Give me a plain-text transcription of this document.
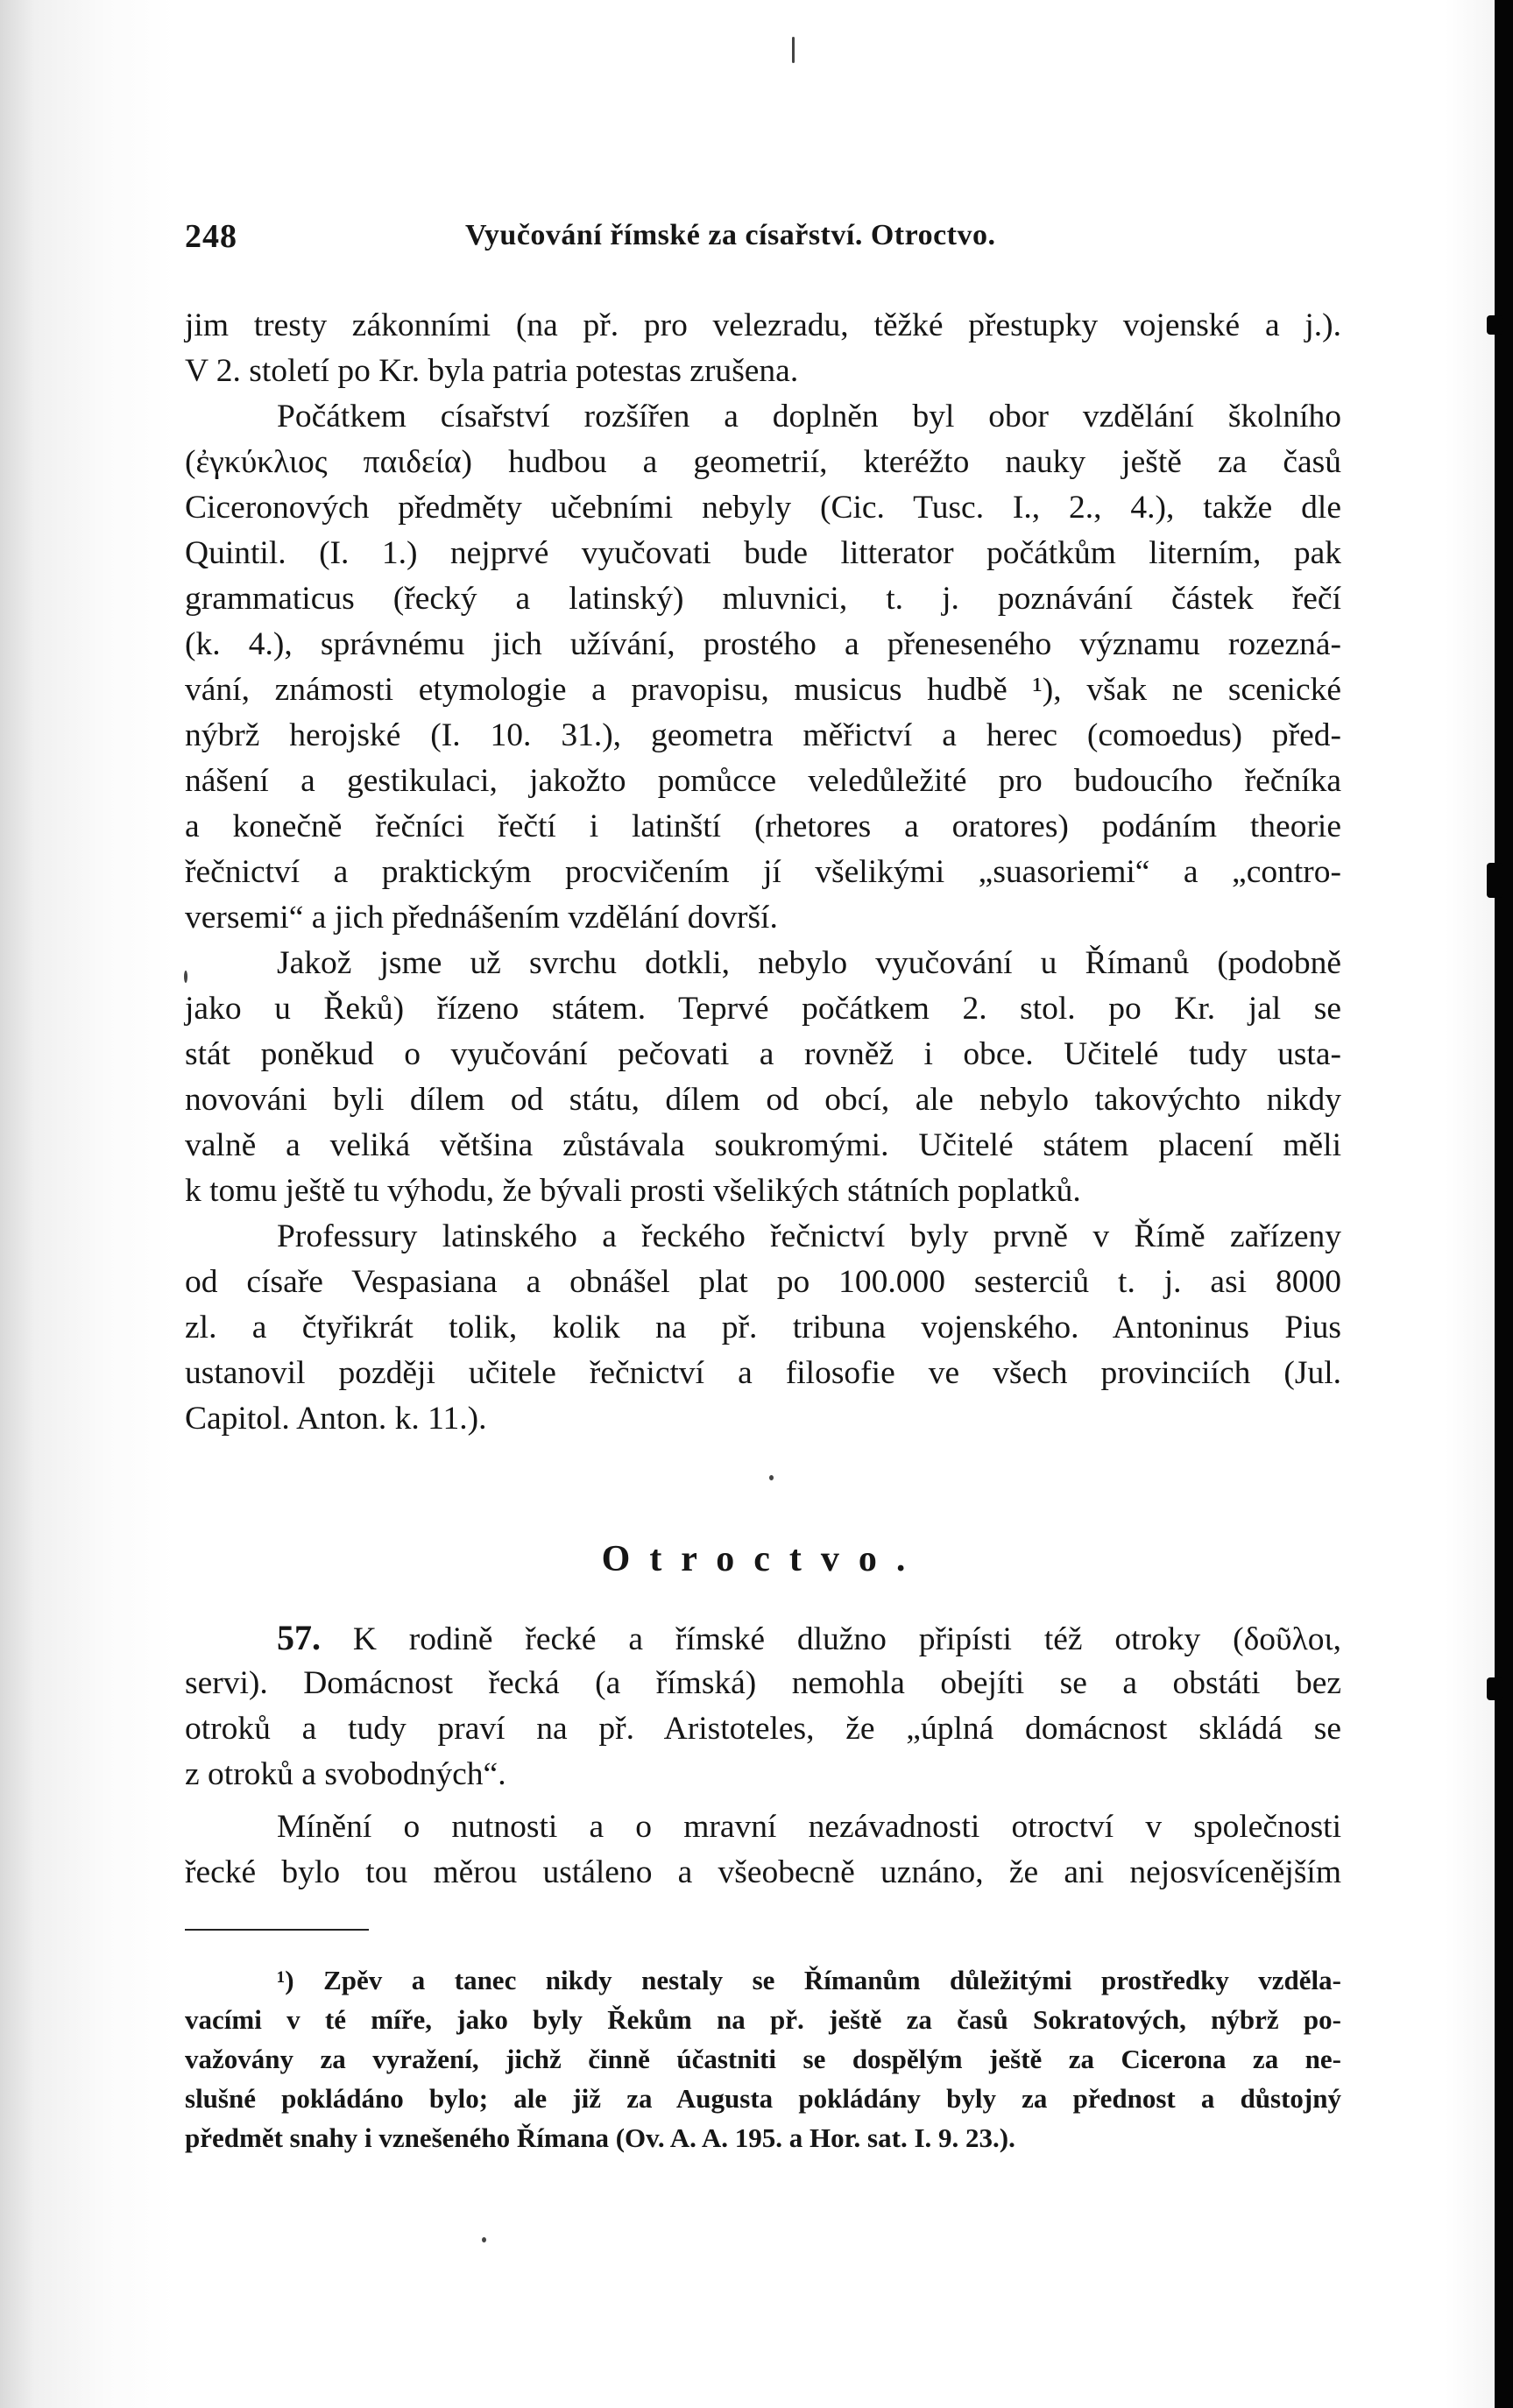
248	Vyučování římské za císařství. Otroctvo.
jim tresty zákonními (na př. pro velezradu, těžké přestupky vojenské a j.).
V 2. století po Kr. byla patria potestas zrušena.
Počátkem císařství rozšířen a doplněn byl obor vzdělání školního
(ἐγκύκλιος παιδεία) hudbou a geometrií, kteréžto nauky ještě za časů
Ciceronových předměty učebními nebyly (Cic. Tusc. I., 2., 4.), takže dle
Quintil. (I. 1.) nejprvé vyučovati bude litterator počátkům literním, pak
grammaticus (řecký a latinský) mluvnici, t. j. poznávání částek řečí
(k. 4.), správnému jich užívání, prostého a přeneseného významu rozezná-
vání, známosti etymologie a pravopisu, musicus hudbě ¹), však ne scenické
nýbrž herojské (I. 10. 31.), geometra měřictví a herec (comoedus) před-
nášení a gestikulaci, jakožto pomůcce veledůležité pro budoucího řečníka
a konečně řečníci řečtí i latinští (rhetores a oratores) podáním theorie
řečnictví a praktickým procvičením jí všelikými „suasoriemi“ a „contro-
versemi“ a jich přednášením vzdělání dovrší.
Jakož jsme už svrchu dotkli, nebylo vyučování u Římanů (podobně
jako u Řeků) řízeno státem. Teprvé počátkem 2. stol. po Kr. jal se
stát poněkud o vyučování pečovati a rovněž i obce. Učitelé tudy usta-
novováni byli dílem od státu, dílem od obcí, ale nebylo takovýchto nikdy
valně a veliká většina zůstávala soukromými. Učitelé státem placení měli
k tomu ještě tu výhodu, že bývali prosti všelikých státních poplatků.
Professury latinského a řeckého řečnictví byly prvně v Římě zařízeny
od císaře Vespasiana a obnášel plat po 100.000 sesterciů t. j. asi 8000
zl. a čtyřikrát tolik, kolik na př. tribuna vojenského. Antoninus Pius
ustanovil později učitele řečnictví a filosofie ve všech provinciích (Jul.
Capitol. Anton. k. 11.).
Otroctvo.
57. K rodině řecké a římské dlužno připísti též otroky (δοῦλοι,
servi). Domácnost řecká (a římská) nemohla obejíti se a obstáti bez
otroků a tudy praví na př. Aristoteles, že „úplná domácnost skládá se
z otroků a svobodných“.
Mínění o nutnosti a o mravní nezávadnosti otroctví v společnosti
řecké bylo tou měrou ustáleno a všeobecně uznáno, že ani nejosvícenějším
¹) Zpěv a tanec nikdy nestaly se Římanům důležitými prostředky vzděla-
vacími v té míře, jako byly Řekům na př. ještě za časů Sokratových, nýbrž po-
važovány za vyražení, jichž činně účastniti se dospělým ještě za Cicerona za ne-
slušné pokládáno bylo; ale již za Augusta pokládány byly za přednost a důstojný
předmět snahy i vznešeného Římana (Ov. A. A. 195. a Hor. sat. I. 9. 23.).
